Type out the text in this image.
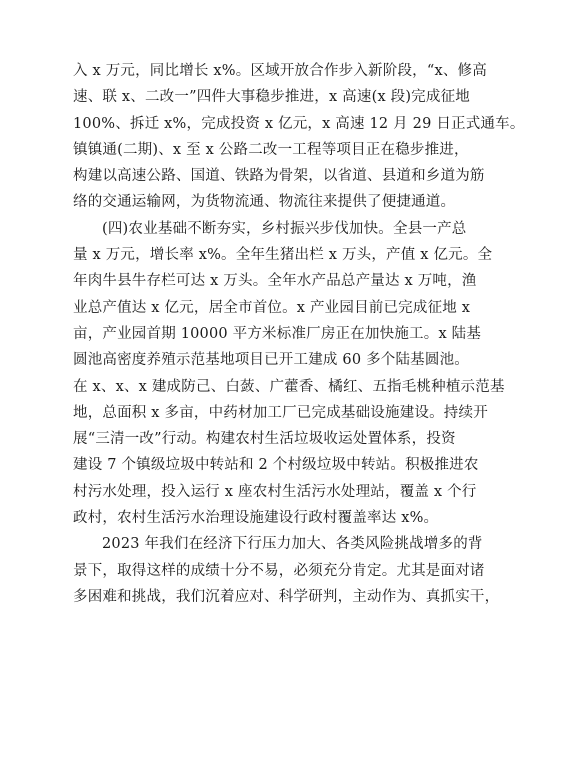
入 x 万元，同比增长 x%。区域开放合作步入新阶段，“x、修高
速、联 x、二改一”四件大事稳步推进，x 高速(x 段)完成征地
100%、拆迁 x%，完成投资 x 亿元，x 高速 12 月 29 日正式通车。
镇镇通(二期)、x 至 x 公路二改一工程等项目正在稳步推进，
构建以高速公路、国道、铁路为骨架，以省道、县道和乡道为筋
络的交通运输网，为货物流通、物流往来提供了便捷通道。

(四)农业基础不断夯实，乡村振兴步伐加快。全县一产总
量 x 万元，增长率 x%。全年生猪出栏 x 万头，产值 x 亿元。全
年肉牛县牛存栏可达 x 万头。全年水产品总产量达 x 万吨，渔
业总产值达 x 亿元，居全市首位。x 产业园目前已完成征地 x
亩，产业园首期 10000 平方米标准厂房正在加快施工。x 陆基
圆池高密度养殖示范基地项目已开工建成 60 多个陆基圆池。
在 x、x、x 建成防己、白蔹、广藿香、橘红、五指毛桃种植示范基
地，总面积 x 多亩，中药材加工厂已完成基础设施建设。持续开
展“三清一改”行动。构建农村生活垃圾收运处置体系，投资
建设 7 个镇级垃圾中转站和 2 个村级垃圾中转站。积极推进农
村污水处理，投入运行 x 座农村生活污水处理站，覆盖 x 个行
政村，农村生活污水治理设施建设行政村覆盖率达 x%。

2023 年我们在经济下行压力加大、各类风险挑战增多的背
景下，取得这样的成绩十分不易，必须充分肯定。尤其是面对诸
多困难和挑战，我们沉着应对、科学研判，主动作为、真抓实干，
